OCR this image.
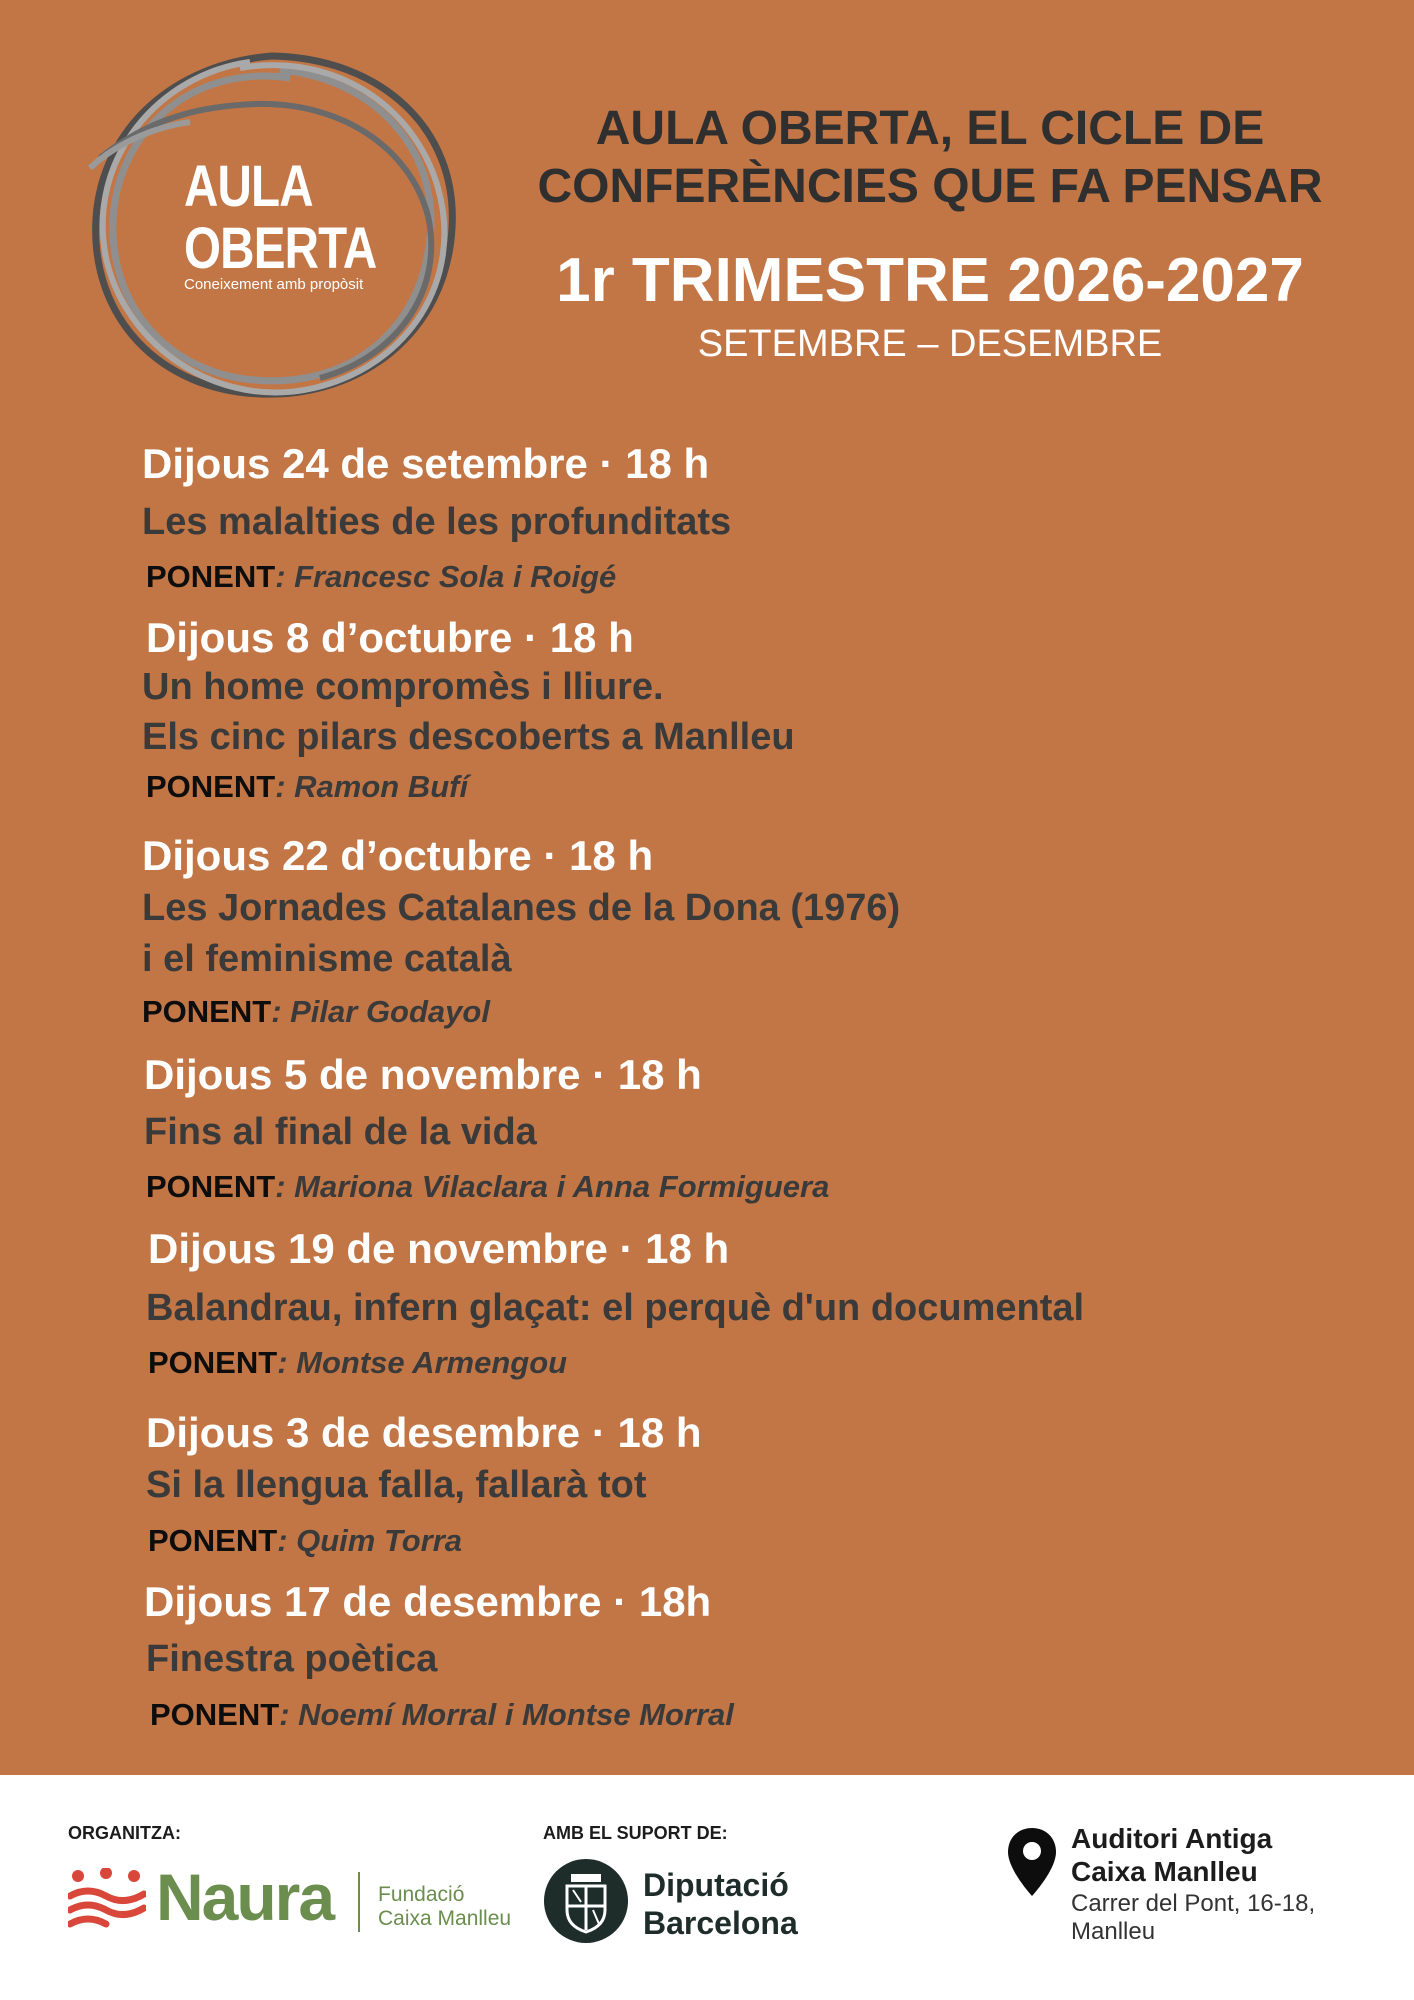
AULA
OBERTA
Coneixement amb propòsit
AULA OBERTA, EL CICLE DE
CONFERÈNCIES QUE FA PENSAR
1r TRIMESTRE 2026-2027
SETEMBRE – DESEMBRE
Dijous 24 de setembre · 18 h
Les malalties de les profunditats
PONENT: Francesc Sola i Roigé
Dijous 8 d’octubre · 18 h
Un home compromès i lliure.
Els cinc pilars descoberts a Manlleu
PONENT: Ramon Bufí
Dijous 22 d’octubre · 18 h
Les Jornades Catalanes de la Dona (1976)
i el feminisme català
PONENT: Pilar Godayol
Dijous 5 de novembre · 18 h
Fins al final de la vida
PONENT: Mariona Vilaclara i Anna Formiguera
Dijous 19 de novembre · 18 h
Balandrau, infern glaçat: el perquè d'un documental
PONENT: Montse Armengou
Dijous 3 de desembre · 18 h
Si la llengua falla, fallarà tot
PONENT: Quim Torra
Dijous 17 de desembre · 18h
Finestra poètica
PONENT: Noemí Morral i Montse Morral
ORGANITZA:
Naura Fundació
Caixa Manlleu
AMB EL SUPORT DE:
Diputació
Barcelona
Auditori Antiga
Caixa Manlleu
Carrer del Pont, 16-18,
Manlleu
